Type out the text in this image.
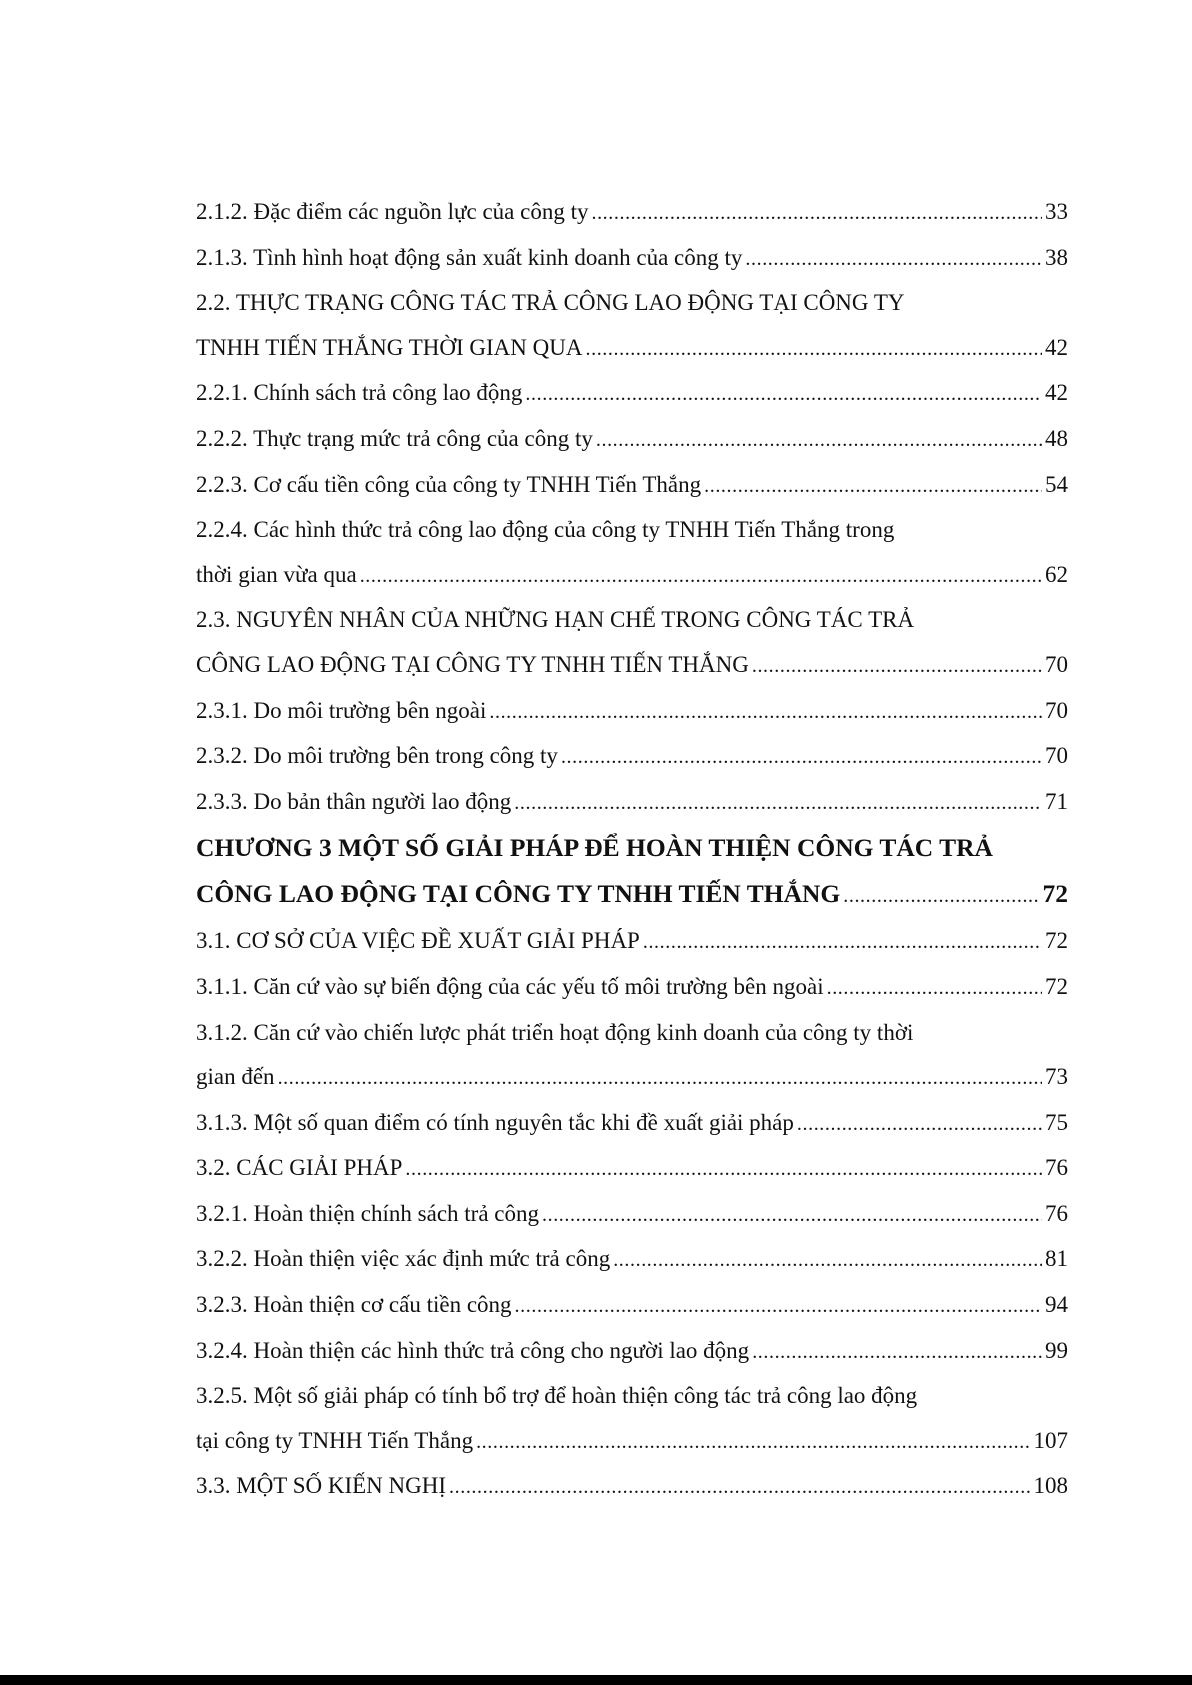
2.1.2. Đặc điểm các nguồn lực của công ty .....	33
2.1.3. Tình hình hoạt động sản xuất kinh doanh của công ty .....	38
2.2. THỰC TRẠNG CÔNG TÁC TRẢ CÔNG LAO ĐỘNG TẠI CÔNG TY
TNHH TIẾN THẮNG THỜI GIAN QUA .....	42
2.2.1. Chính sách trả công lao động .....	42
2.2.2. Thực trạng mức trả công của công ty .....	48
2.2.3. Cơ cấu tiền công của công ty TNHH Tiến Thắng .....	54
2.2.4. Các hình thức trả công lao động của công ty TNHH Tiến Thắng trong
thời gian vừa qua .....	62
2.3. NGUYÊN NHÂN CỦA NHỮNG HẠN CHẾ TRONG CÔNG TÁC TRẢ
CÔNG LAO ĐỘNG TẠI CÔNG TY TNHH TIẾN THẮNG .....	70
2.3.1. Do môi trường bên ngoài .....	70
2.3.2. Do môi trường bên trong công ty .....	70
2.3.3. Do bản thân người lao động .....	71
CHƯƠNG 3 MỘT SỐ GIẢI PHÁP ĐỂ HOÀN THIỆN CÔNG TÁC TRẢ
CÔNG LAO ĐỘNG TẠI CÔNG TY TNHH TIẾN THẮNG .....	72
3.1. CƠ SỞ CỦA VIỆC ĐỀ XUẤT GIẢI PHÁP .....	72
3.1.1. Căn cứ vào sự biến động của các yếu tố môi trường bên ngoài .....	72
3.1.2. Căn cứ vào chiến lược phát triển hoạt động kinh doanh của công ty thời
gian đến .....	73
3.1.3. Một số quan điểm có tính nguyên tắc khi đề xuất giải pháp .....	75
3.2. CÁC GIẢI PHÁP .....	76
3.2.1. Hoàn thiện chính sách trả công .....	76
3.2.2. Hoàn thiện việc xác định mức trả công .....	81
3.2.3. Hoàn thiện cơ cấu tiền công .....	94
3.2.4. Hoàn thiện các hình thức trả công cho người lao động .....	99
3.2.5. Một số giải pháp có tính bổ trợ để hoàn thiện công tác trả công lao động
tại công ty TNHH Tiến Thắng .....	107
3.3. MỘT SỐ KIẾN NGHỊ .....	108
